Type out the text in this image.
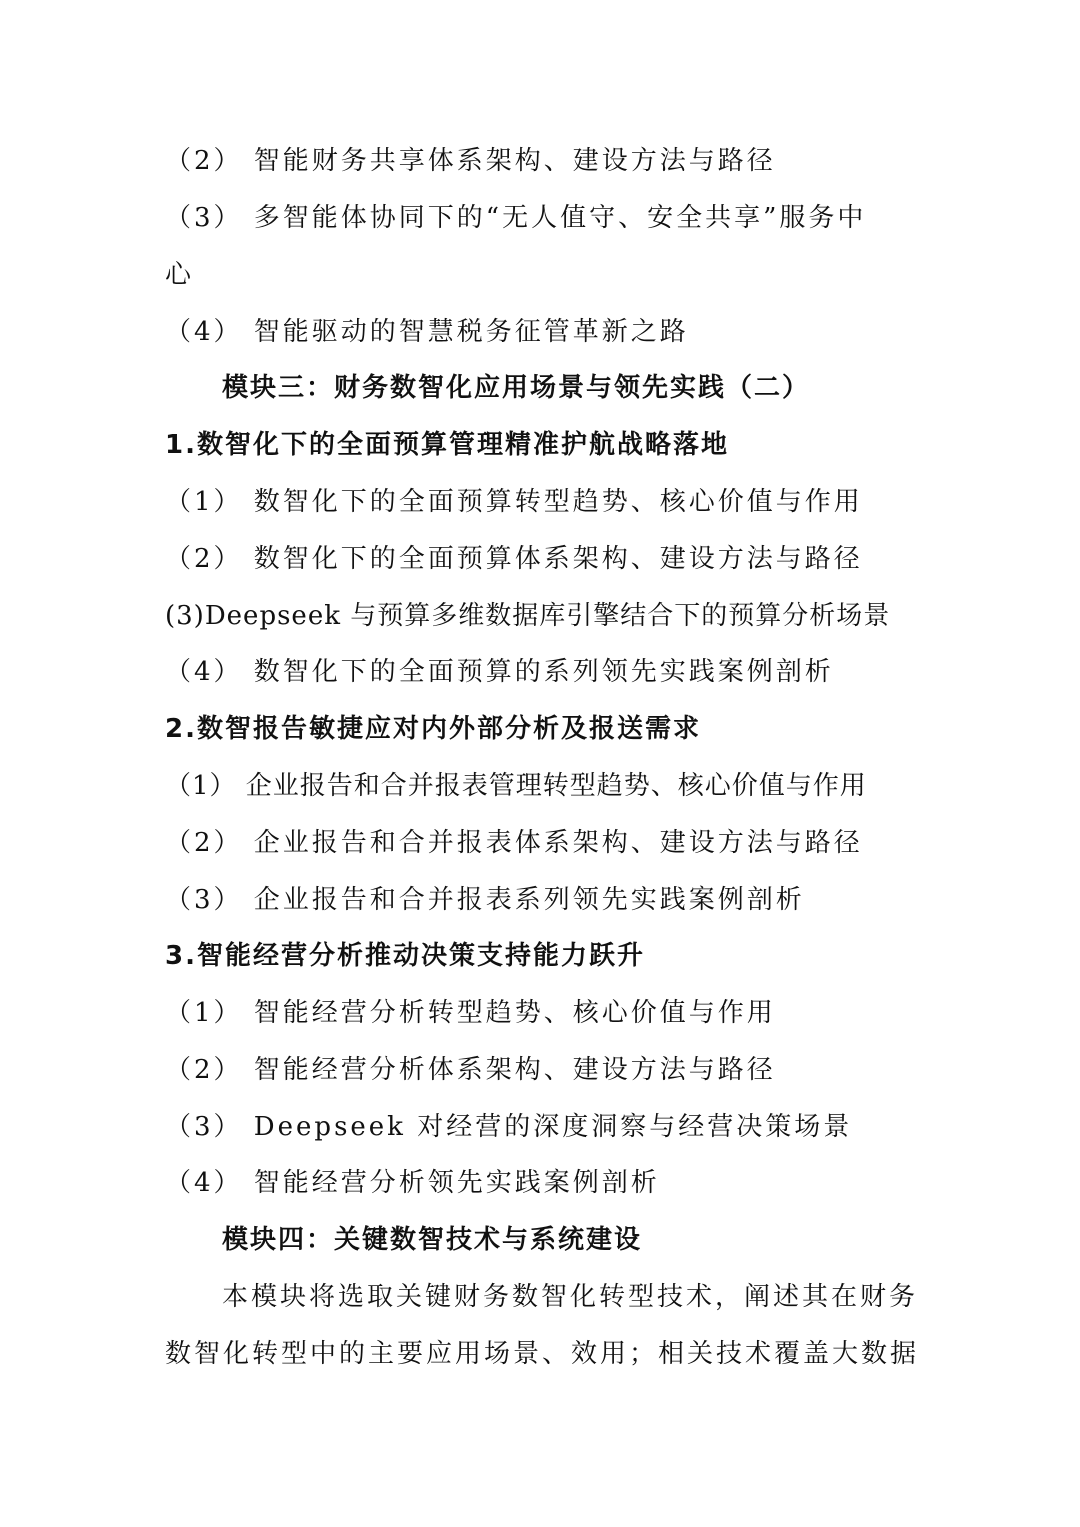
（2） 智能财务共享体系架构、建设方法与路径
（3） 多智能体协同下的“无人值守、安全共享”服务中
心
（4） 智能驱动的智慧税务征管革新之路
模块三：财务数智化应用场景与领先实践（二）
1.数智化下的全面预算管理精准护航战略落地
（1） 数智化下的全面预算转型趋势、核心价值与作用
（2） 数智化下的全面预算体系架构、建设方法与路径
(3)Deepseek 与预算多维数据库引擎结合下的预算分析场景
（4） 数智化下的全面预算的系列领先实践案例剖析
2.数智报告敏捷应对内外部分析及报送需求
（1） 企业报告和合并报表管理转型趋势、核心价值与作用
（2） 企业报告和合并报表体系架构、建设方法与路径
（3） 企业报告和合并报表系列领先实践案例剖析
3.智能经营分析推动决策支持能力跃升
（1） 智能经营分析转型趋势、核心价值与作用
（2） 智能经营分析体系架构、建设方法与路径
（3） Deepseek 对经营的深度洞察与经营决策场景
（4） 智能经营分析领先实践案例剖析
模块四：关键数智技术与系统建设
本模块将选取关键财务数智化转型技术，阐述其在财务
数智化转型中的主要应用场景、效用；相关技术覆盖大数据
